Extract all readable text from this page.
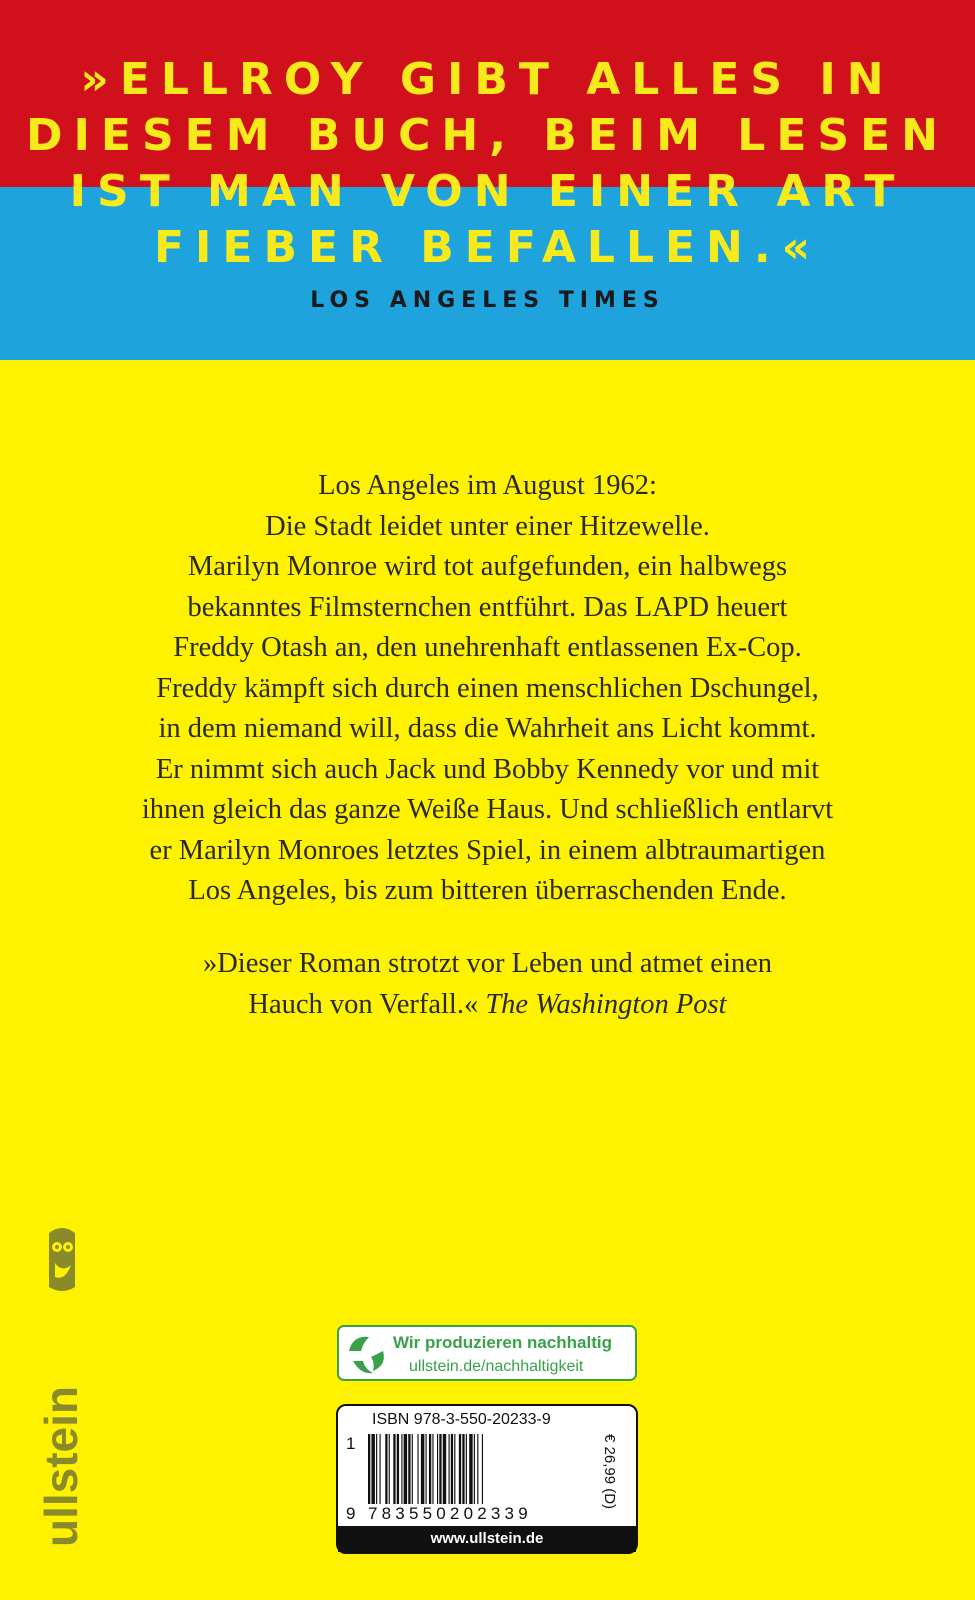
»ELLROY GIBT ALLES IN
DIESEM BUCH, BEIM LESEN
IST MAN VON EINER ART
FIEBER BEFALLEN.«
LOS ANGELES TIMES
Los Angeles im August 1962:
Die Stadt leidet unter einer Hitzewelle.
Marilyn Monroe wird tot aufgefunden, ein halbwegs
bekanntes Filmsternchen entführt. Das LAPD heuert
Freddy Otash an, den unehrenhaft entlassenen Ex-Cop.
Freddy kämpft sich durch einen menschlichen Dschungel,
in dem niemand will, dass die Wahrheit ans Licht kommt.
Er nimmt sich auch Jack und Bobby Kennedy vor und mit
ihnen gleich das ganze Weiße Haus. Und schließlich entlarvt
er Marilyn Monroes letztes Spiel, in einem albtraumartigen
Los Angeles, bis zum bitteren überraschenden Ende.
»Dieser Roman strotzt vor Leben und atmet einen
Hauch von Verfall.« The Washington Post
ullstein
Wir produzieren nachhaltig
ullstein.de/nachhaltigkeit
ISBN 978-3-550-20233-9
1
9 783550202339
€ 26,99 (D)
www.ullstein.de
